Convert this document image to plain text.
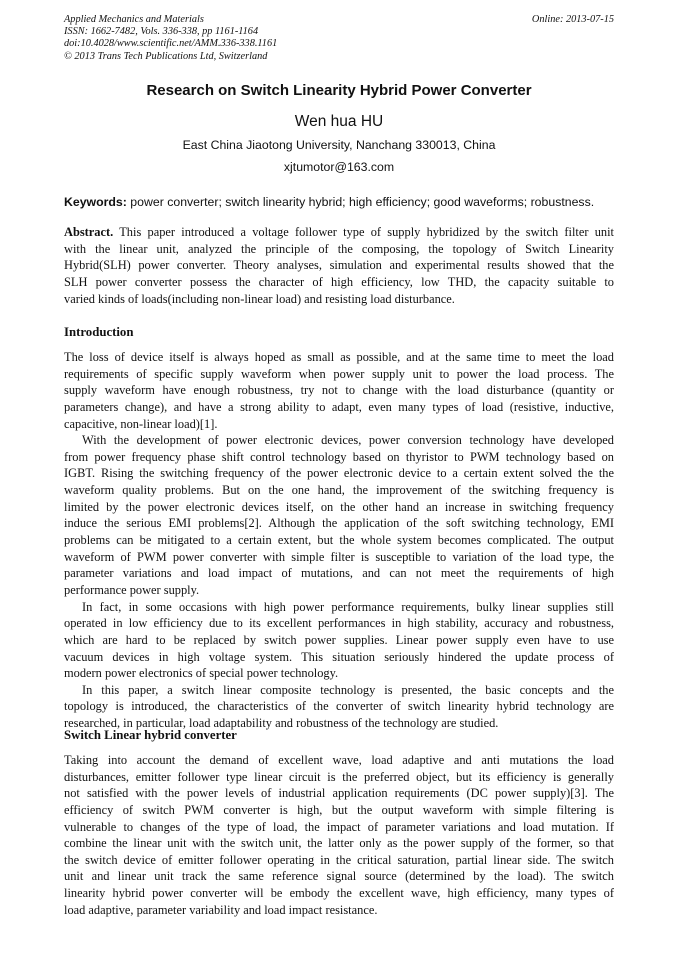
Applied Mechanics and Materials
ISSN: 1662-7482, Vols. 336-338, pp 1161-1164
doi:10.4028/www.scientific.net/AMM.336-338.1161
© 2013 Trans Tech Publications Ltd, Switzerland
Online: 2013-07-15
Research on Switch Linearity Hybrid Power Converter
Wen hua HU
East China Jiaotong University, Nanchang 330013, China
xjtumotor@163.com
Keywords: power converter; switch linearity hybrid; high efficiency; good waveforms; robustness.
Abstract. This paper introduced a voltage follower type of supply hybridized by the switch filter unit
with the linear unit, analyzed the principle of the composing, the topology of Switch Linearity
Hybrid(SLH) power converter. Theory analyses, simulation and experimental results showed that the
SLH power converter possess the character of high efficiency, low THD, the capacity suitable to
varied kinds of loads(including non-linear load) and resisting load disturbance.
Introduction
The loss of device itself is always hoped as small as possible, and at the same time to meet the load
requirements of specific supply waveform when power supply unit to power the load process. The
supply waveform have enough robustness, try not to change with the load disturbance (quantity or
parameters change), and have a strong ability to adapt, even many types of load (resistive, inductive,
capacitive, non-linear load)[1].
With the development of power electronic devices, power conversion technology have developed
from power frequency phase shift control technology based on thyristor to PWM technology based on
IGBT. Rising the switching frequency of the power electronic device to a certain extent solved the the
waveform quality problems. But on the one hand, the improvement of the switching frequency is
limited by the power electronic devices itself, on the other hand an increase in switching frequency
induce the serious EMI problems[2]. Although the application of the soft switching technology, EMI
problems can be mitigated to a certain extent, but the whole system becomes complicated. The output
waveform of PWM power converter with simple filter is susceptible to variation of the load type, the
parameter variations and load impact of mutations, and can not meet the requirements of high
performance power supply.
In fact, in some occasions with high power performance requirements, bulky linear supplies still
operated in low efficiency due to its excellent performances in high stability, accuracy and robustness,
which are hard to be replaced by switch power supplies. Linear power supply even have to use
vacuum devices in high voltage system. This situation seriously hindered the update process of
modern power electronics of special power technology.
In this paper, a switch linear composite technology is presented, the basic concepts and the
topology is introduced, the characteristics of the converter of switch linearity hybrid technology are
researched, in particular, load adaptability and robustness of the technology are studied.
Switch Linear hybrid converter
Taking into account the demand of excellent wave, load adaptive and anti mutations the load
disturbances, emitter follower type linear circuit is the preferred object, but its efficiency is generally
not satisfied with the power levels of industrial application requirements (DC power supply)[3]. The
efficiency of switch PWM converter is high, but the output waveform with simple filtering is
vulnerable to changes of the type of load, the impact of parameter variations and load mutation. If
combine the linear unit with the switch unit, the latter only as the power supply of the former, so that
the switch device of emitter follower operating in the critical saturation, partial linear side. The switch
unit and linear unit track the same reference signal source (determined by the load). The switch
linearity hybrid power converter will be embody the excellent wave, high efficiency, many types of
load adaptive, parameter variability and load impact resistance.
